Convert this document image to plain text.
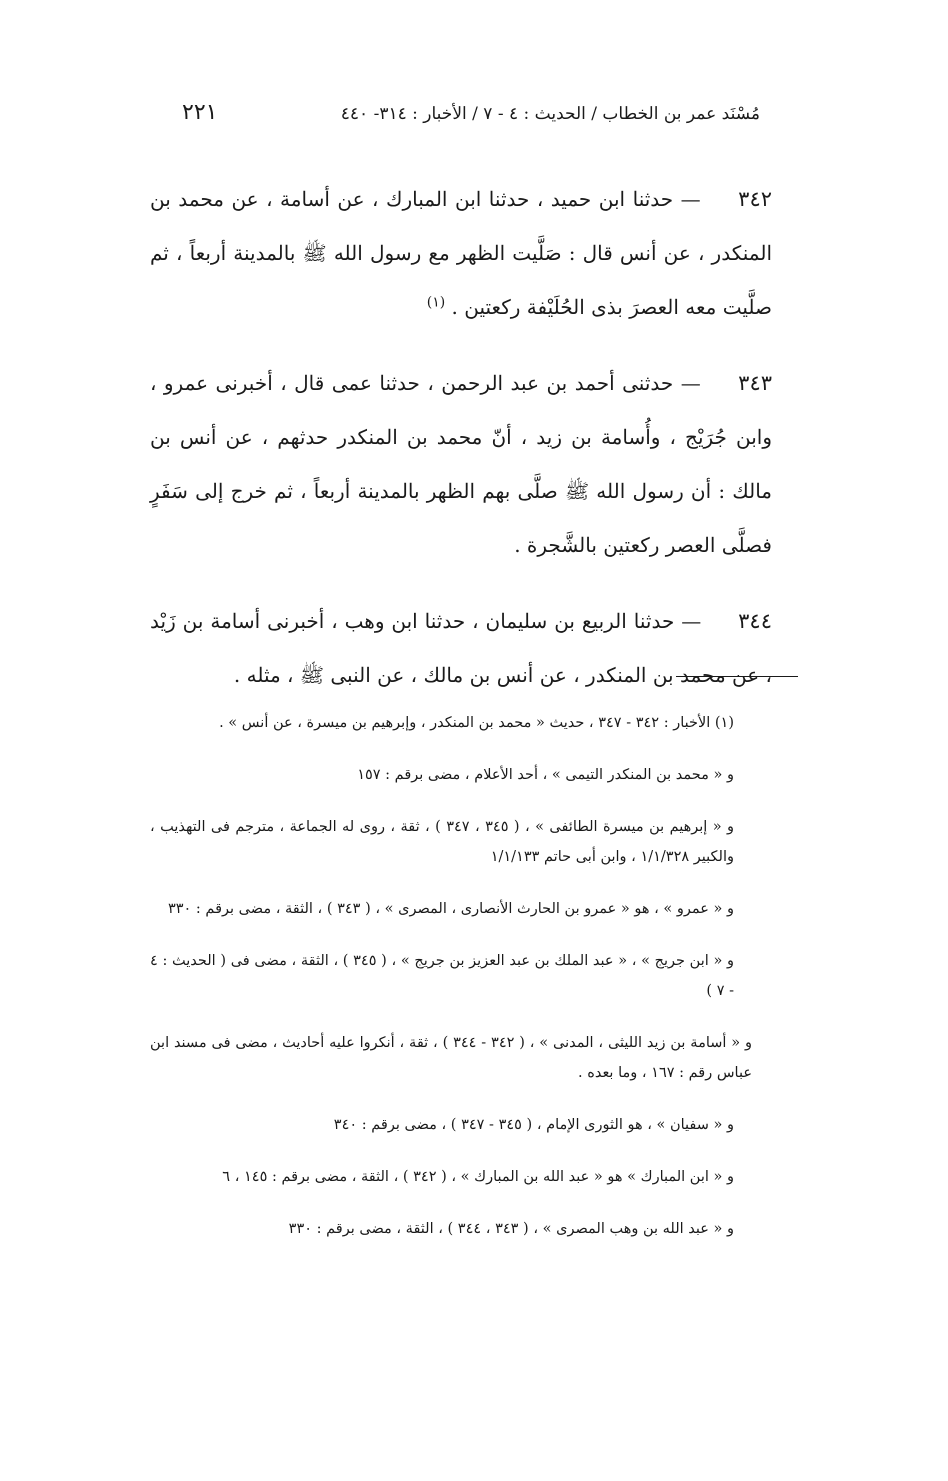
مُسْنَد عمر بن الخطاب / الحديث : ٤ - ٧ / الأخبار : ٣١٤- ٤٤٠
٢٢١

٣٤٢ — حدثنا ابن حميد ، حدثنا ابن المبارك ، عن أسامة ، عن محمد بن المنكدر ، عن أنس قال : صَلَّيت الظهر مع رسول الله ﷺ بالمدينة أربعاً ، ثم صلَّيت معه العصرَ بذى الحُلَيْفة ركعتين . $^{(١)}$

٣٤٣ — حدثنى أحمد بن عبد الرحمن ، حدثنا عمى قال ، أخبرنى عمرو ، وابن جُرَيْج ، وأُسامة بن زيد ، أنّ محمد بن المنكدر حدثهم ، عن أنس بن مالك : أن رسول الله ﷺ صلَّى بهم الظهر بالمدينة أربعاً ، ثم خرج إلى سَفَرٍ فصلَّى العصر ركعتين بالشَّجرة .

٣٤٤ — حدثنا الربيع بن سليمان ، حدثنا ابن وهب ، أخبرنى أسامة بن زَيْد ، عن محمد بن المنكدر ، عن أنس بن مالك ، عن النبى ﷺ ، مثله .

(١) الأخبار : ٣٤٢ - ٣٤٧ ، حديث « محمد بن المنكدر ، وإبرهيم بن ميسرة ، عن أنس » .

و « محمد بن المنكدر التيمى » ، أحد الأعلام ، مضى برقم : ١٥٧

و « إبرهيم بن ميسرة الطائفى » ، ( ٣٤٥ ، ٣٤٧ ) ، ثقة ، روى له الجماعة ، مترجم فى التهذيب ، والكبير ١/١/٣٢٨ ، وابن أبى حاتم ١/١/١٣٣

و « عمرو » ، هو « عمرو بن الحارث الأنصارى ، المصرى » ، ( ٣٤٣ ) ، الثقة ، مضى برقم : ٣٣٠

و « ابن جريج » ، « عبد الملك بن عبد العزيز بن جريج » ، ( ٣٤٥ ) ، الثقة ، مضى فى ( الحديث : ٤ - ٧ )

و « أسامة بن زيد الليثى ، المدنى » ، ( ٣٤٢ - ٣٤٤ ) ، ثقة ، أنكروا عليه أحاديث ، مضى فى مسند ابن عباس رقم : ١٦٧ ، وما بعده .

و « سفيان » ، هو الثورى الإمام ، ( ٣٤٥ - ٣٤٧ ) ، مضى برقم : ٣٤٠

و « ابن المبارك » هو « عبد الله بن المبارك » ، ( ٣٤٢ ) ، الثقة ، مضى برقم : ١٤٥ ، ٦

و « عبد الله بن وهب المصرى » ، ( ٣٤٣ ، ٣٤٤ ) ، الثقة ، مضى برقم : ٣٣٠
